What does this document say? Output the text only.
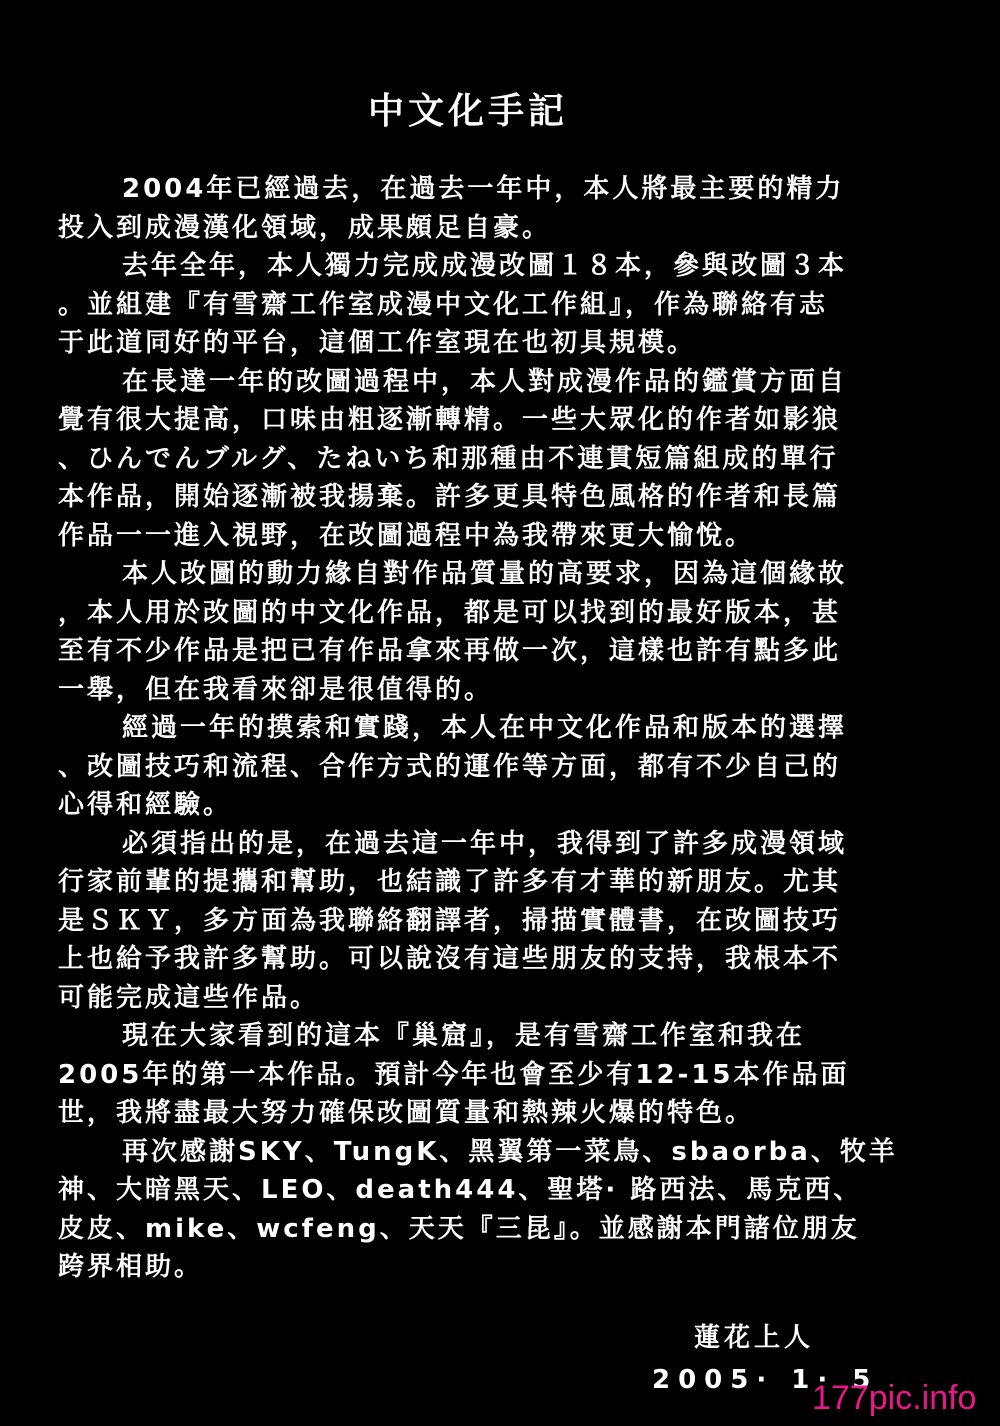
中文化手記
2004年已經過去，在過去一年中，本人將最主要的精力
投入到成漫漢化領域，成果頗足自豪。
去年全年，本人獨力完成成漫改圖１８本，參與改圖３本
。並組建『有雪齋工作室成漫中文化工作組』，作為聯絡有志
于此道同好的平台，這個工作室現在也初具規模。
在長達一年的改圖過程中，本人對成漫作品的鑑賞方面自
覺有很大提高，口味由粗逐漸轉精。一些大眾化的作者如影狼
、ひんでんブルグ、たねいち和那種由不連貫短篇組成的單行
本作品，開始逐漸被我揚棄。許多更具特色風格的作者和長篇
作品一一進入視野，在改圖過程中為我帶來更大愉悅。
本人改圖的動力緣自對作品質量的高要求，因為這個緣故
，本人用於改圖的中文化作品，都是可以找到的最好版本，甚
至有不少作品是把已有作品拿來再做一次，這樣也許有點多此
一舉，但在我看來卻是很值得的。
經過一年的摸索和實踐，本人在中文化作品和版本的選擇
、改圖技巧和流程、合作方式的運作等方面，都有不少自己的
心得和經驗。
必須指出的是，在過去這一年中，我得到了許多成漫領域
行家前輩的提攜和幫助，也結識了許多有才華的新朋友。尤其
是ＳＫＹ，多方面為我聯絡翻譯者，掃描實體書，在改圖技巧
上也給予我許多幫助。可以說沒有這些朋友的支持，我根本不
可能完成這些作品。
現在大家看到的這本『巢窟』，是有雪齋工作室和我在
2005年的第一本作品。預計今年也會至少有12-15本作品面
世，我將盡最大努力確保改圖質量和熱辣火爆的特色。
再次感謝SKY、TungK、黑翼第一菜鳥、sbaorba、牧羊
神、大暗黑天、LEO、death444、聖塔· 路西法、馬克西、
皮皮、mike、wcfeng、天天『三昆』。並感謝本門諸位朋友
跨界相助。
蓮花上人
2005· 1· 5
177pic.info
